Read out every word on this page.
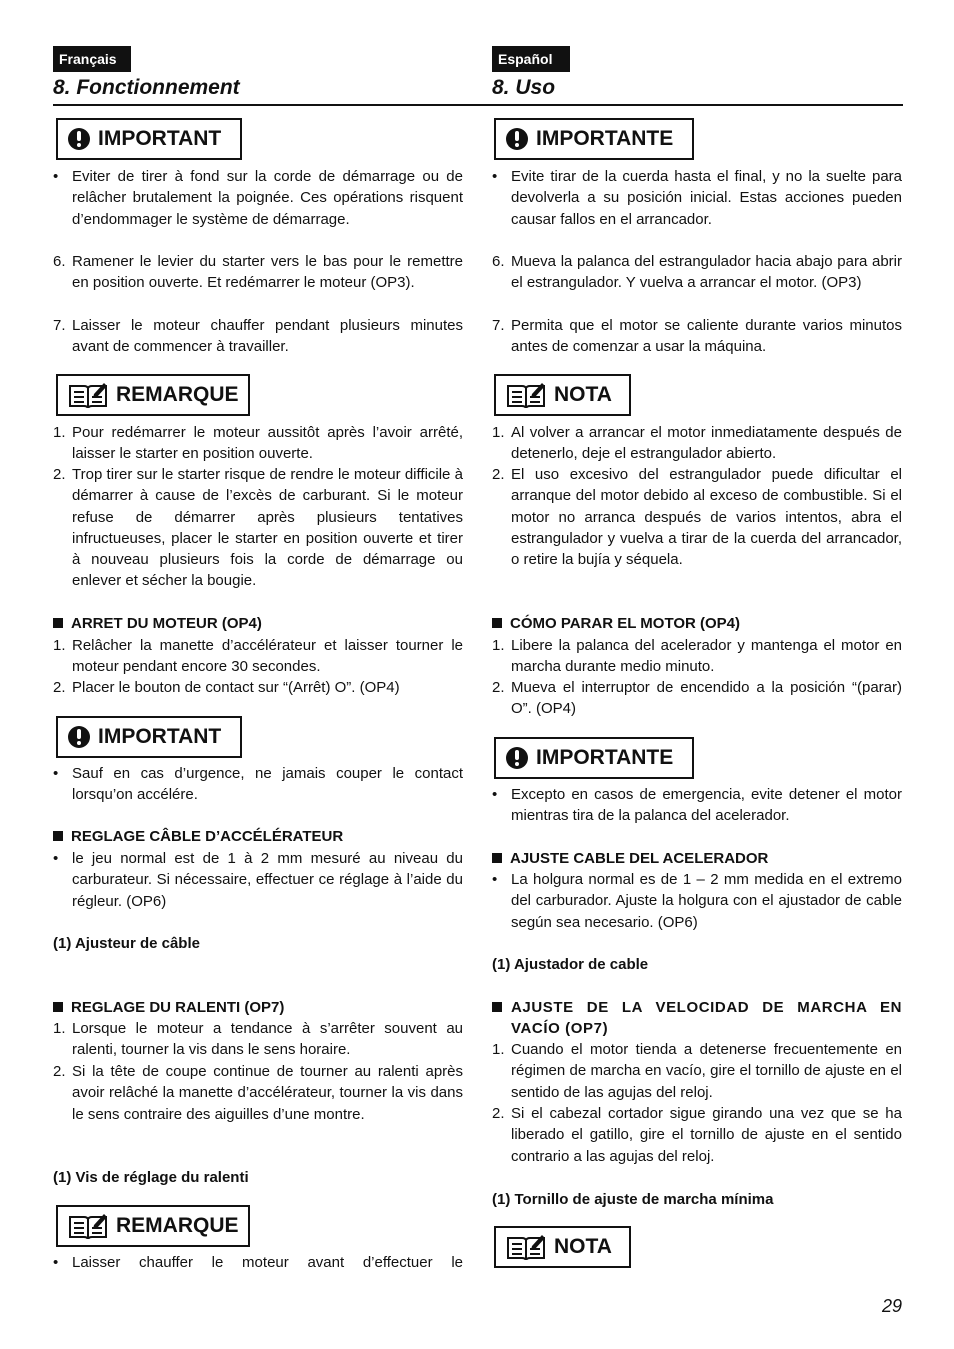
Français	Español
8. Fonctionnement	8. Uso
IMPORTANT
• Eviter de tirer à fond sur la corde de démarrage ou de relâcher brutalement la poignée. Ces opérations risquent d’endommager le système de démarrage.
6. Ramener le levier du starter vers le bas pour le remettre en position ouverte. Et redémarrer le moteur (OP3).
7. Laisser le moteur chauffer pendant plusieurs minutes avant de commencer à travailler.
REMARQUE
1. Pour redémarrer le moteur aussitôt après l’avoir arrêté, laisser le starter en position ouverte.
2. Trop tirer sur le starter risque de rendre le moteur difficile à démarrer à cause de l’excès de carburant. Si le moteur refuse de démarrer après plusieurs tentatives infructueuses, placer le starter en position ouverte et tirer à nouveau plusieurs fois la corde de démarrage ou enlever et sécher la bougie.
ARRET DU MOTEUR (OP4)
1. Relâcher la manette d’accélérateur et laisser tourner le moteur pendant encore 30 secondes.
2. Placer le bouton de contact sur “(Arrêt) O”. (OP4)
IMPORTANT
• Sauf en cas d’urgence, ne jamais couper le contact lorsqu’on accélére.
REGLAGE CÂBLE D’ACCÉLÉRATEUR
• le jeu normal est de 1 à 2 mm mesuré au niveau du carburateur. Si nécessaire, effectuer ce réglage à l’aide du régleur. (OP6)
(1) Ajusteur de câble
REGLAGE DU RALENTI (OP7)
1. Lorsque le moteur a tendance à s’arrêter souvent au ralenti, tourner la vis dans le sens horaire.
2. Si la tête de coupe continue de tourner au ralenti après avoir relâché la manette d’accélérateur, tourner la vis dans le sens contraire des aiguilles d’une montre.
(1) Vis de réglage du ralenti
REMARQUE
• Laisser chauffer le moteur avant d’effectuer le
IMPORTANTE
• Evite tirar de la cuerda hasta el final, y no la suelte para devolverla a su posición inicial. Estas acciones pueden causar fallos en el arrancador.
6. Mueva la palanca del estrangulador hacia abajo para abrir el estrangulador. Y vuelva a arrancar el motor. (OP3)
7. Permita que el motor se caliente durante varios minutos antes de comenzar a usar la máquina.
NOTA
1. Al volver a arrancar el motor inmediatamente después de detenerlo, deje el estrangulador abierto.
2. El uso excesivo del estrangulador puede dificultar el arranque del motor debido al exceso de combustible. Si el motor no arranca después de varios intentos, abra el estrangulador y vuelva a tirar de la cuerda del arrancador, o retire la bujía y séquela.
CÓMO PARAR EL MOTOR (OP4)
1. Libere la palanca del acelerador y mantenga el motor en marcha durante medio minuto.
2. Mueva el interruptor de encendido a la posición “(parar) O”. (OP4)
IMPORTANTE
• Excepto en casos de emergencia, evite detener el motor mientras tira de la palanca del acelerador.
AJUSTE CABLE DEL ACELERADOR
• La holgura normal es de 1 – 2 mm medida en el extremo del carburador. Ajuste la holgura con el ajustador de cable según sea necesario. (OP6)
(1) Ajustador de cable
AJUSTE DE LA VELOCIDAD DE MARCHA EN VACÍO (OP7)
1. Cuando el motor tienda a detenerse frecuentemente en régimen de marcha en vacío, gire el tornillo de ajuste en el sentido de las agujas del reloj.
2. Si el cabezal cortador sigue girando una vez que se ha liberado el gatillo, gire el tornillo de ajuste en el sentido contrario a las agujas del reloj.
(1) Tornillo de ajuste de marcha mínima
NOTA
29
